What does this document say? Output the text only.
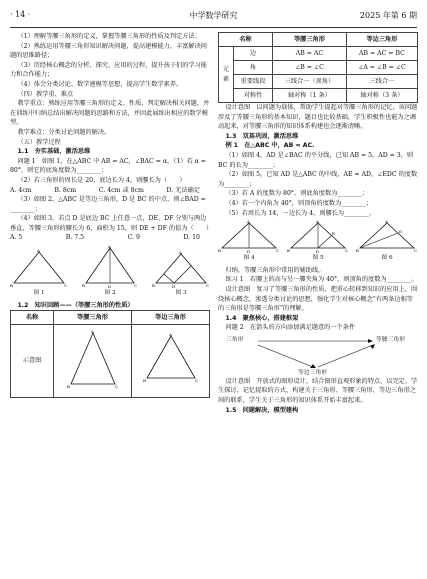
· 14 ·	中学数学研究	2025 年第 6 期

（1）理解等腰三角形的定义，掌握等腰三角形的性质及判定方法；

（2）熟练运用等腰三角形知识解决问题，提高建模能力，丰富解决问题的思维路径；

（3）历经核心概念的分析、探究、应用的过程，提升孩子们的学习能力和合作能力；

（4）体会分类讨论、数学建模等思想，提高学生数学素养。

（四）教学重、难点

教学重点：熟练应用等腰三角形的定义、性质、判定解决相关问题，并在训练中归纳总结出解决问题的思路和方法，并因此展练出相应的数学模型。

教学难点：分类讨论问题的解决。

（五）教学过程

1.1　夯实基础，激活思维

问题 1　如图 1，在△ABC 中 AB = AC，∠BAC = α，（1）若 α = 80°，则它的底角度数为________；

（2）若三角形的周长是 20，底边长为 4，则腰长为（　　）

A. 4cm	B. 8cm	C. 4cm 或 8cm	D. 无法确定

（3）如图 2，△ABC 是等边三角形，D 是 BC 的中点，则∠BAD = ________；

（4）如图 3，若点 D 是底边 BC 上任意一点，DE、DF 分别与两边垂直，等腰三角形的腰长为 6，面积为 15，则 DE + DF 的值为（　　）

A. 5	B. 7.5	C. 9	D. 10
A
B	C
图 1
A
B	D	C
图 2
A
B	D	C
图 3

1.2　知识回顾——（等腰三角形的性质）

名称	等腰三角形	等边三角形
示意图	A
B C	A
B C
名称		等腰三角形	等边三角形
元 素	边	AB = AC	AB = AC = BC
	角	∠B = ∠C	∠A = ∠B = ∠C
	重要线段	三线合一（顶角）	三线合一
	对称性	轴对称（1 条）	轴对称（3 条）

设计意图　以问题为载体，帮助学生提起对等腰三角形的记忆，该问题涉及了等腰三角形的基本知识，题目也比较基础，学生积极性也能为之调动起来，对等腰三角形的知识体系构建也会逐渐清晰。

1.3　双基巩固，激活思维

例 1　在△ABC 中，AB = AC.

（1）如图 4，AD 是∠BAC 的平分线，已知 AB = 5，AD = 3，则 BC 的长为________；

（2）如图 5，已知 AD 是△ABC 的中线，AE = AD，∠EDC 的度数为________；

（3）若 A 的度数为 80°，则底角度数为________；

（4）若一个内角为 40°，则顶角的度数为________；

（5）若周长为 14，一边长为 4，则腰长为________。

A
B	D	C
图 4
A
B	D
E
C
图 5
A
B
D
C
图 6

归纳，等腰三角形中常用的辅助线。

练习 1　若腰上的高与另一腰夹角为 40°，则顶角的度数为________。

设计意图　复习了等腰三角形的性质，把重心转移到知识的应用上，围绕核心概念，渗透分类讨论的思想，强化学生对核心概念“有两条边相等的三角形是等腰三角形”的理解。

1.4　聚焦核心，搭建框架

问题 2　在箭头的方向添加满足题意的一个条件

三角形	等腰三角形
等边三角形

设计意图　开放式的图形设计，结合图形直观形象的特点，以完定、学生探讨、记忆提取的方式，构建关于三角形、等腰三角形、等边三角形之间的联系，学生关于三角形的知识体系开始丰富起来。

1.5　问题解决，模型建构
